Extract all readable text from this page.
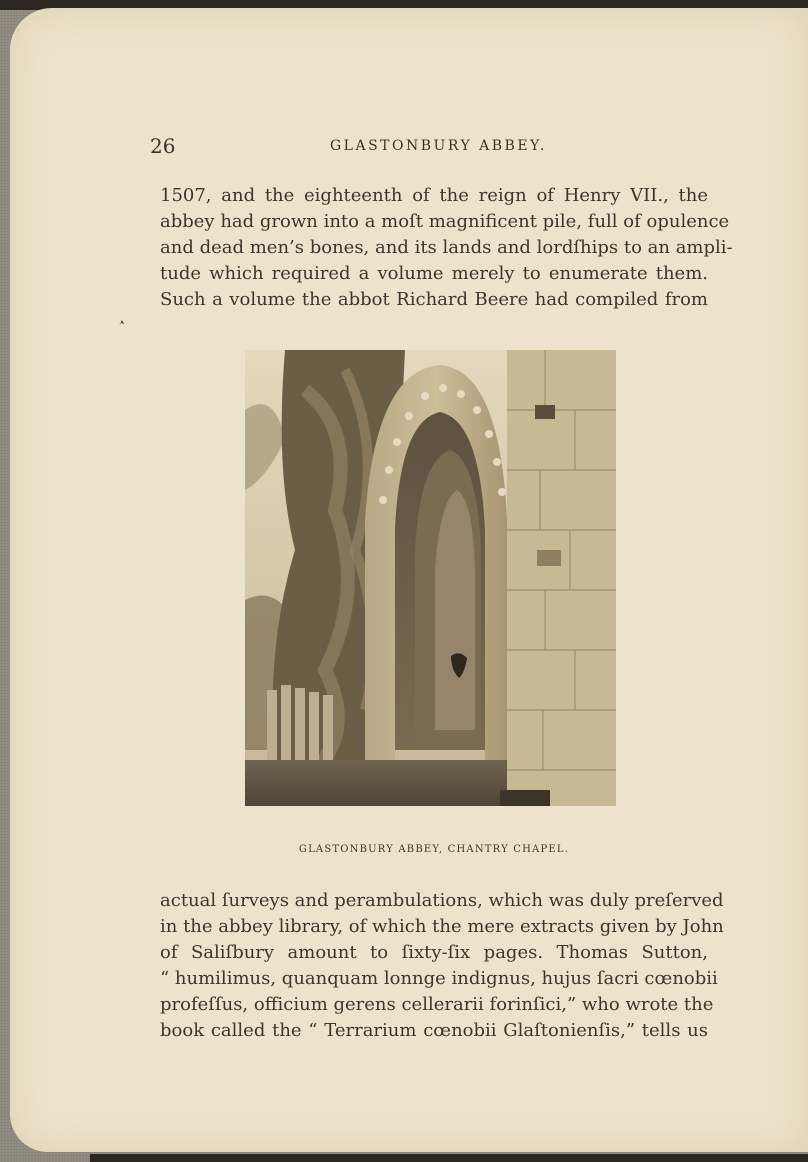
26	GLASTONBURY ABBEY.
1507, and the eighteenth of the reign of Henry VII., the
abbey had grown into a moſt magnificent pile, full of opulence
and dead men’s bones, and its lands and lordſhips to an ampli-
tude which required a volume merely to enumerate them.
Such a volume the abbot Richard Beere had compiled from
GLASTONBURY ABBEY, CHANTRY CHAPEL.
actual ſurveys and perambulations, which was duly preſerved
in the abbey library, of which the mere extracts given by John
of Saliſbury amount to ſixty-ſix pages. Thomas Sutton,
“ humilimus, quanquam lonnge indignus, hujus ſacri cœnobii
profeſſus, officium gerens cellerarii forinſici,” who wrote the
book called the “ Terrarium cœnobii Glaſtonienſis,” tells us
